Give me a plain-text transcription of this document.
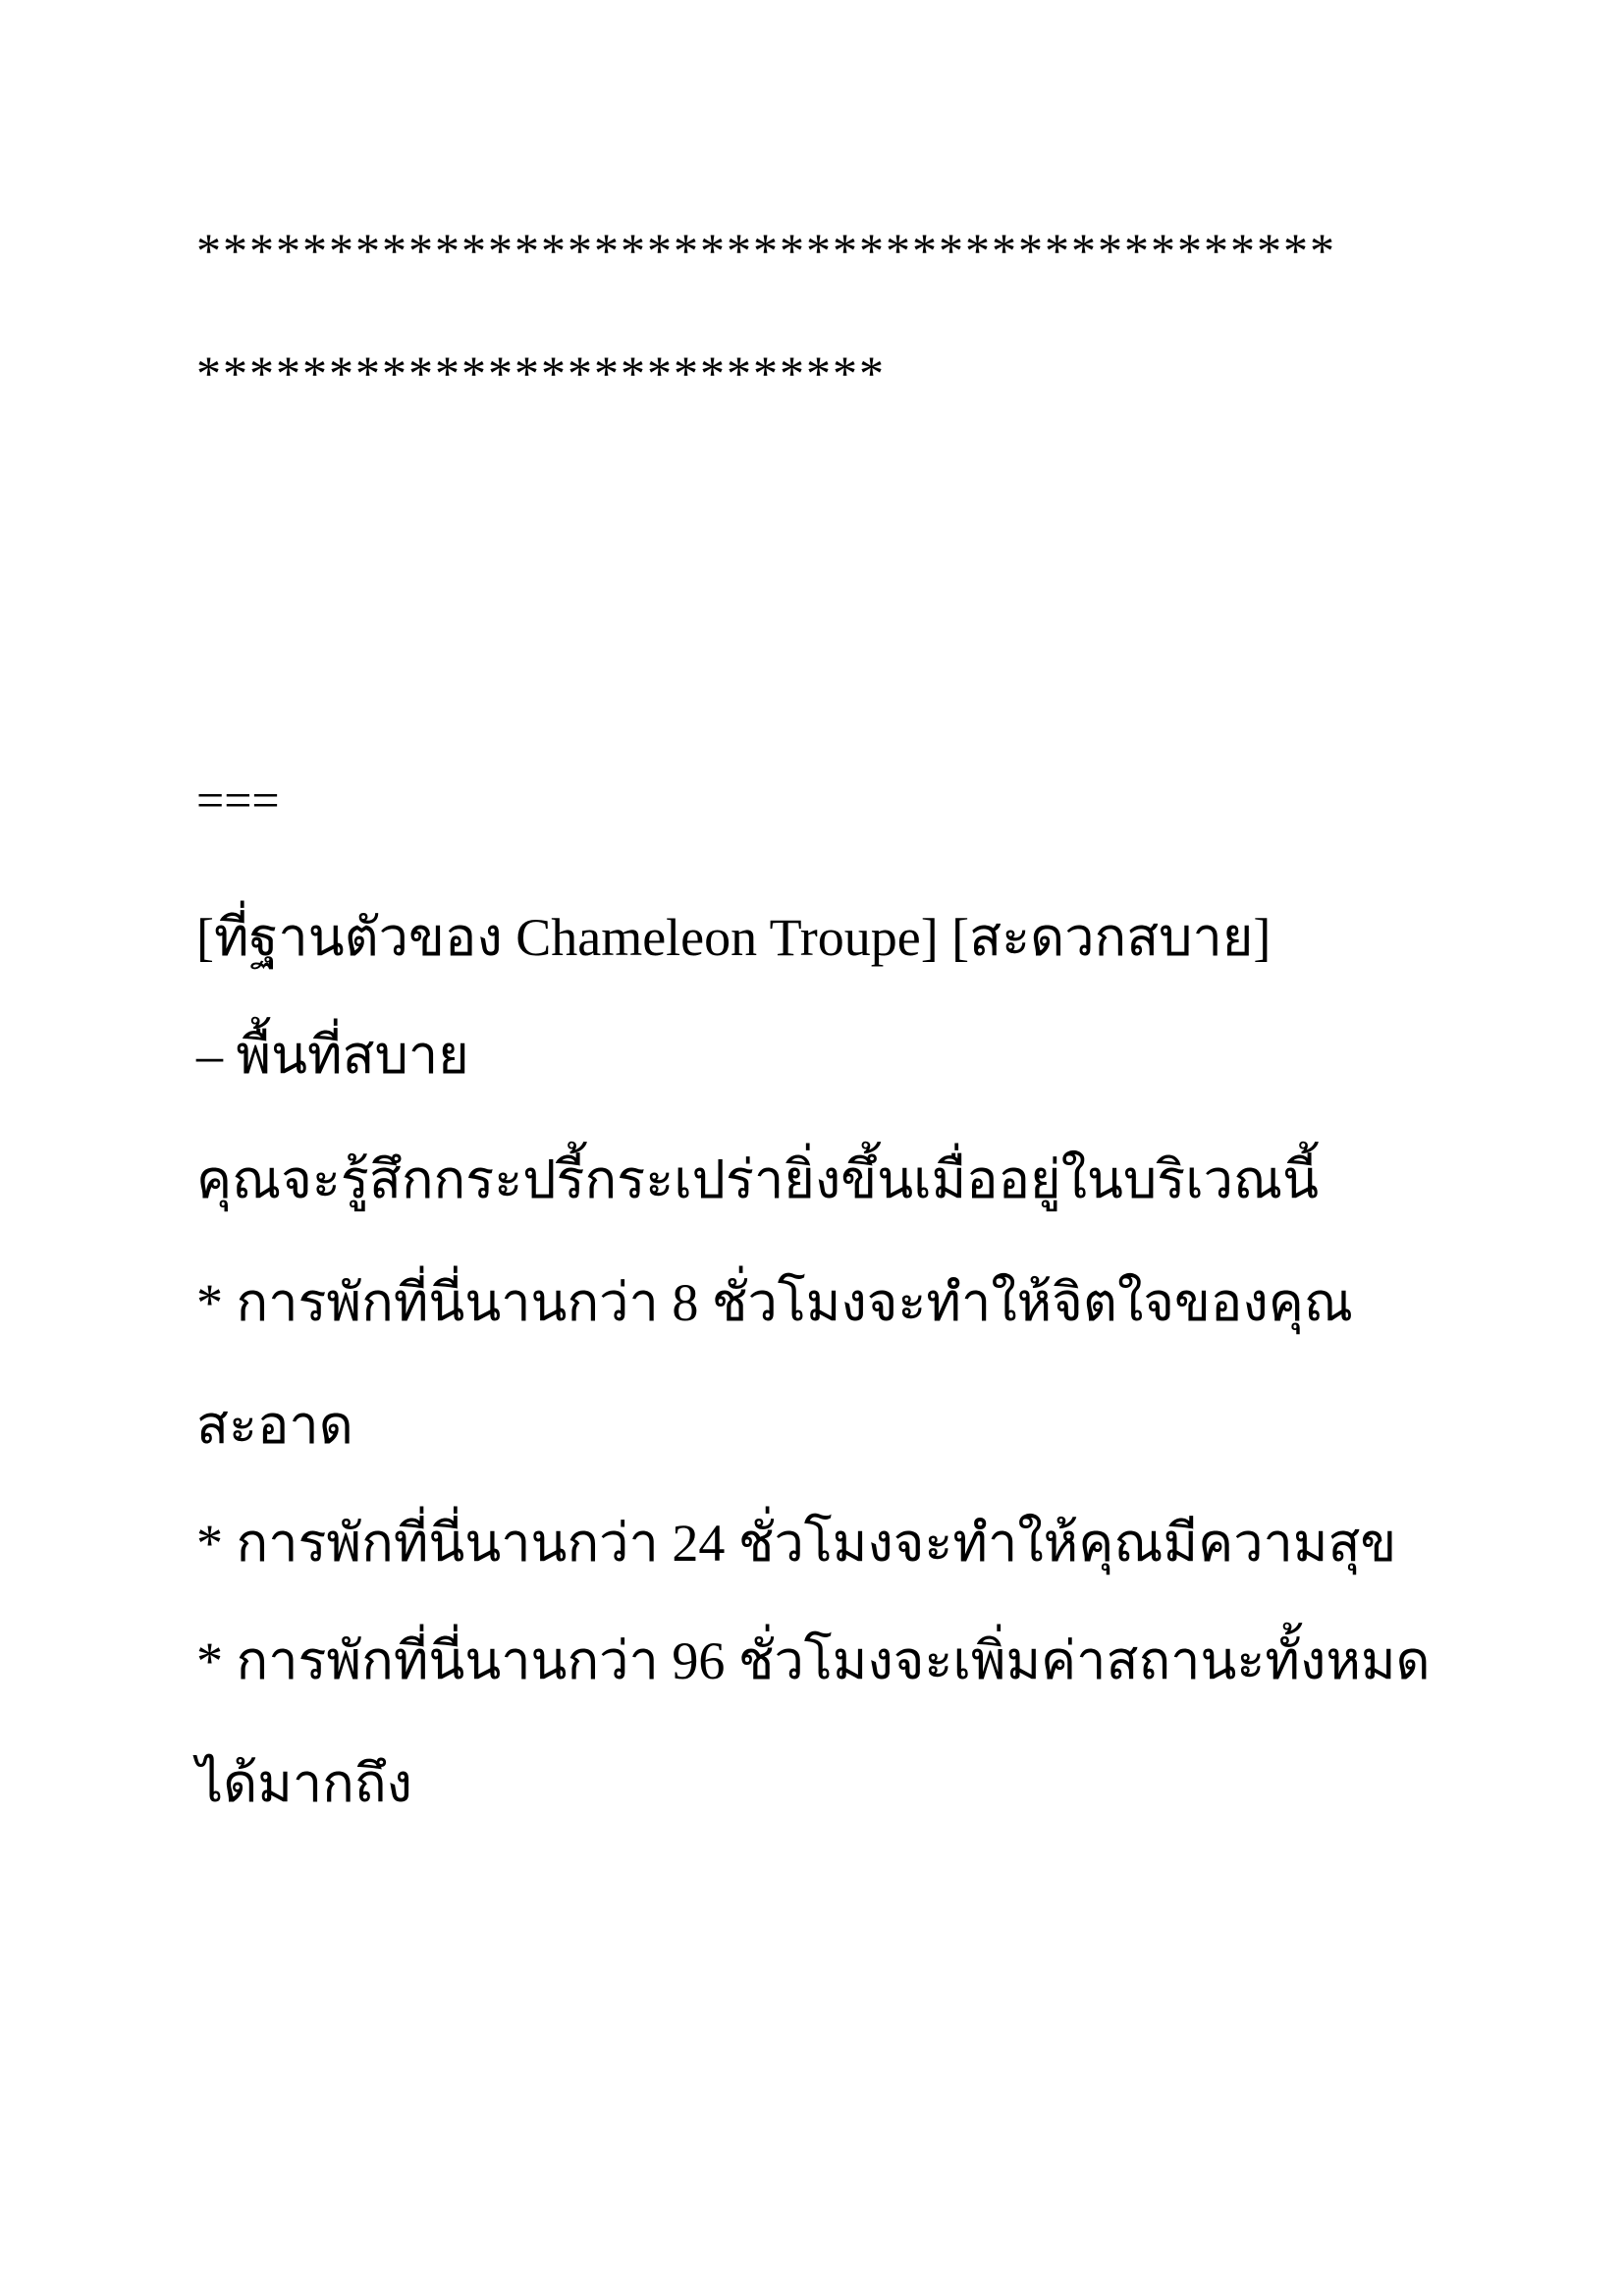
*******************************************

**************************

===

[ที่ฐานตัวของ Chameleon Troupe] [สะดวกสบาย]

– พื้นที่สบาย

คุณจะรู้สึกกระปรี้กระเปร่ายิ่งขึ้นเมื่ออยู่ในบริเวณนี้

* การพักที่นี่นานกว่า 8 ชั่วโมงจะทำให้จิตใจของคุณ

สะอาด

* การพักที่นี่นานกว่า 24 ชั่วโมงจะทำให้คุณมีความสุข

* การพักที่นี่นานกว่า 96 ชั่วโมงจะเพิ่มค่าสถานะทั้งหมด

ได้มากถึง
